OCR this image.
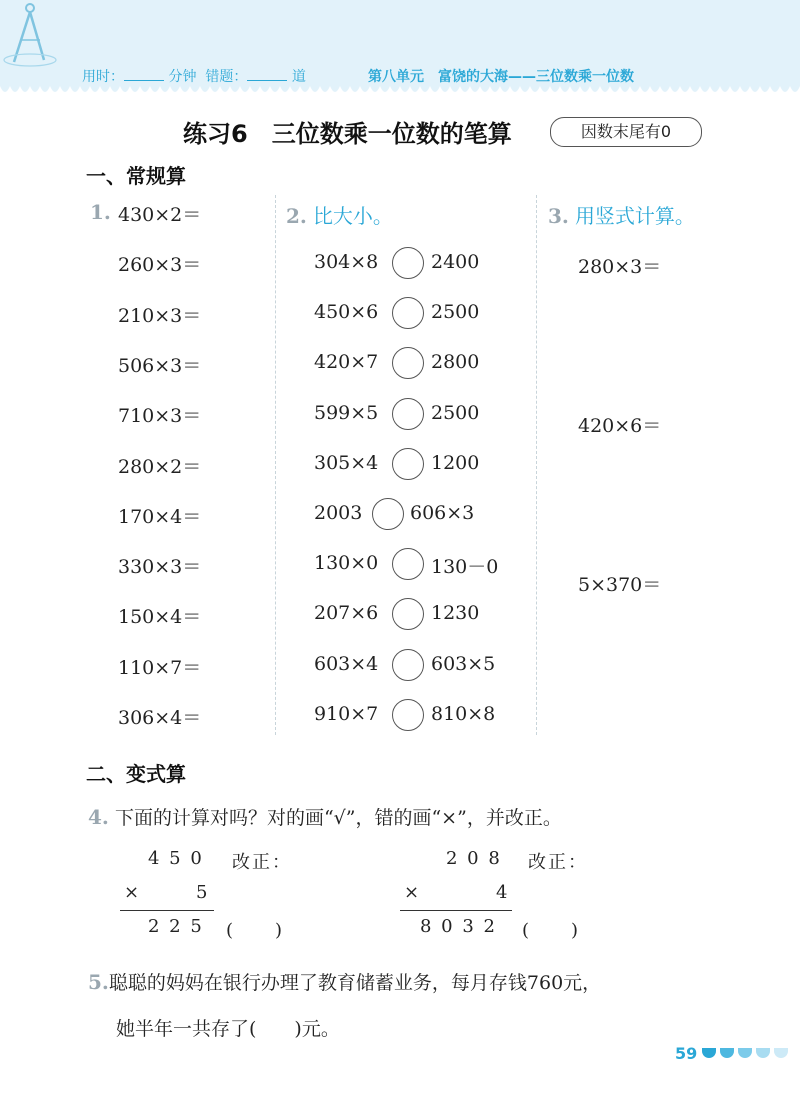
用时：	分钟 错题：	道	第八单元　富饶的大海——三位数乘一位数
练习6　三位数乘一位数的笔算	因数末尾有0
一、常规算
1. 430×2＝
260×3＝
210×3＝
506×3＝
710×3＝
280×2＝
170×4＝
330×3＝
150×4＝
110×7＝
306×4＝
2. 比大小。
304×8	2400
450×6	2500
420×7	2800
599×5	2500
305×4	1200
2003	606×3
130×0	130－0
207×6	1230
603×4	603×5
910×7	810×8
3. 用竖式计算。
280×3＝
420×6＝
5×370＝
二、变式算
4. 下面的计算对吗？对的画“√”，错的画“×”，并改正。
4 5 0 改正：
×	5
2 2 5 (　　)
2 0 8 改正：
×	4
8 0 3 2 (　　)
5.聪聪的妈妈在银行办理了教育储蓄业务，每月存钱760元，
她半年一共存了(　　)元。
59
